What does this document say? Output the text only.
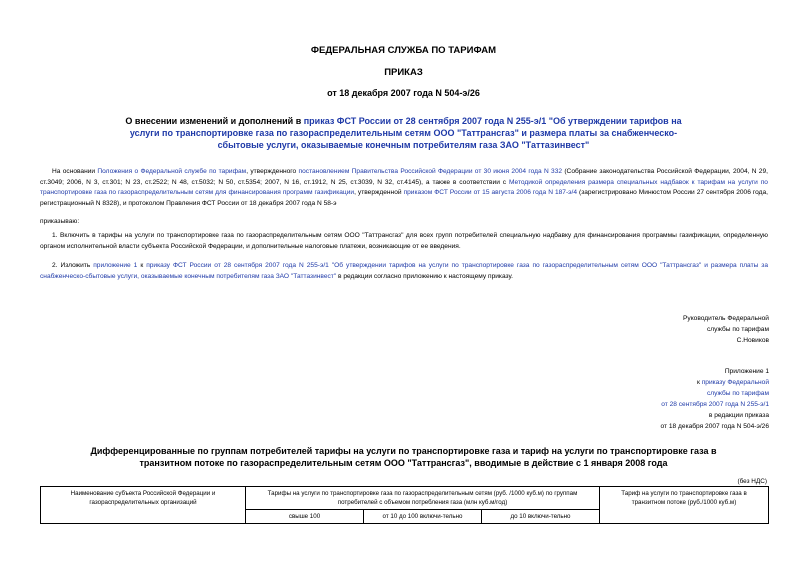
ФЕДЕРАЛЬНАЯ СЛУЖБА ПО ТАРИФАМ
ПРИКАЗ
от 18 декабря 2007 года N 504-э/26
О внесении изменений и дополнений в приказ ФСТ России от 28 сентября 2007 года N 255-э/1 "Об утверждении тарифов на услуги по транспортировке газа по газораспределительным сетям ООО "Таттрансгаз" и размера платы за снабженческо-сбытовые услуги, оказываемые конечным потребителям газа ЗАО "Таттазинвест"
На основании Положения о Федеральной службе по тарифам, утвержденного постановлением Правительства Российской Федерации от 30 июня 2004 года N 332 (Собрание законодательства Российской Федерации, 2004, N 29, ст.3049; 2006, N 3, ст.301; N 23, ст.2522; N 48, ст.5032; N 50, ст.5354; 2007, N 16, ст.1912, N 25, ст.3039, N 32, ст.4145), а также в соответствии с Методикой определения размера специальных надбавок к тарифам на услуги по транспортировке газа по газораспределительным сетям для финансирования программ газификации, утвержденной приказом ФСТ России от 15 августа 2006 года N 187-э/4 (зарегистрировано Минюстом России 27 сентября 2006 года, регистрационный N 8328), и протоколом Правления ФСТ России от 18 декабря 2007 года N 58-э
приказываю:
1. Включить в тарифы на услуги по транспортировке газа по газораспределительным сетям ООО "Таттрансгаз" для всех групп потребителей специальную надбавку для финансирования программы газификации, определенную органом исполнительной власти субъекта Российской Федерации, и дополнительные налоговые платежи, возникающие от ее введения.
2. Изложить приложение 1 к приказу ФСТ России от 28 сентября 2007 года N 255-э/1 "Об утверждении тарифов на услуги по транспортировке газа по газораспределительным сетям ООО "Таттрансгаз" и размера платы за снабженческо-сбытовые услуги, оказываемые конечным потребителям газа ЗАО "Таттазинвест" в редакции согласно приложению к настоящему приказу.
Руководитель Федеральной
службы по тарифам
С.Новиков
Приложение 1
к приказу Федеральной
службы по тарифам
от 28 сентября 2007 года N 255-э/1
в редакции приказа
от 18 декабря 2007 года N 504-э/26
Дифференцированные по группам потребителей тарифы на услуги по транспортировке газа и тариф на услуги по транспортировке газа в транзитном потоке по газораспределительным сетям ООО "Таттрансгаз", вводимые в действие с 1 января 2008 года
(без НДС)
Наименование субъекта Российской Федерации и газораспределительных организаций	Тарифы на услуги по транспортировке газа по газораспределительным сетям (руб. /1000 куб.м) по группам потребителей с объемом потребления газа (млн куб.м/год)			Тариф на услуги по транспортировке газа в транзитном потоке (руб./1000 куб.м)
	свыше 100	от 10 до 100 включи-тельно	до 10 включи-тельно	
